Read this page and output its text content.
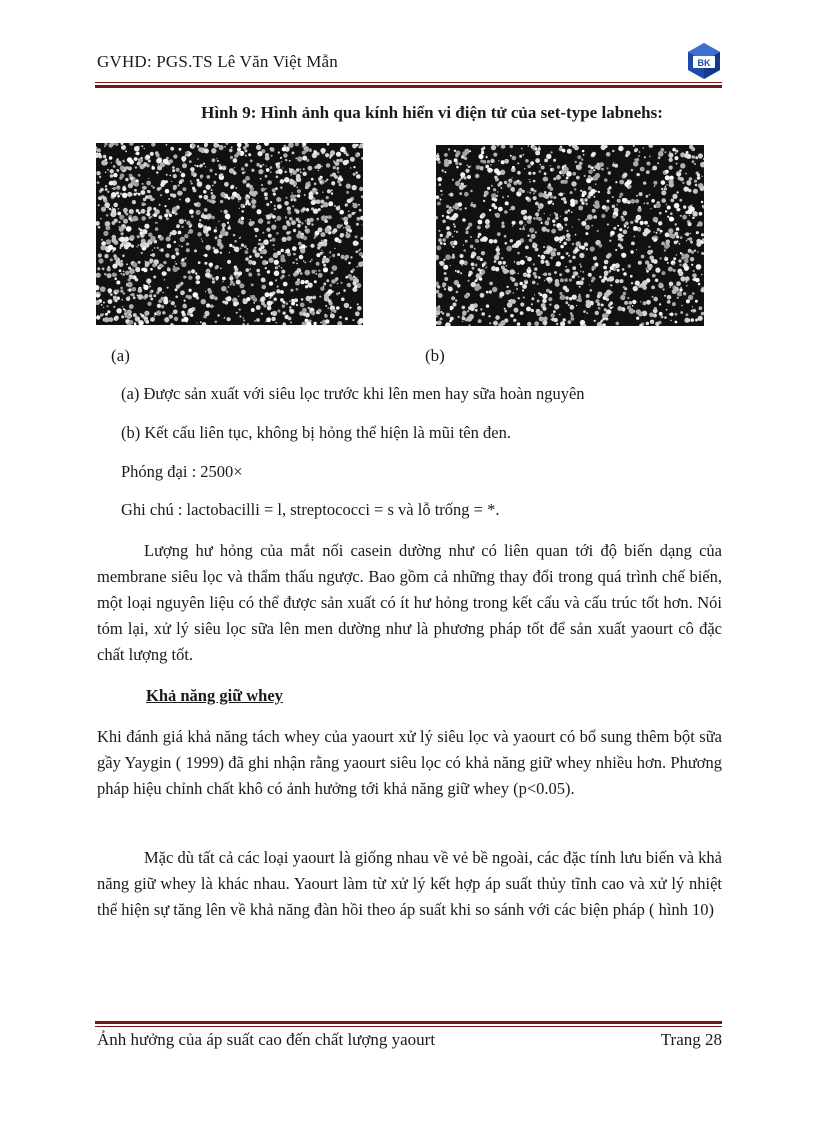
GVHD: PGS.TS Lê Văn Việt Mẫn	BK
Hình 9: Hình ảnh qua kính hiển vi điện tử của set-type labnehs:
(a)	(b)
(a) Được sản xuất với siêu lọc trước khi lên men hay sữa hoàn nguyên
(b) Kết cấu liên tục, không bị hỏng thể hiện là mũi tên đen.
Phóng đại : 2500×
Ghi chú : lactobacilli = l, streptococci = s và lỗ trống = *.
Lượng hư hỏng của mắt nối casein dường như có liên quan tới độ biến dạng của membrane siêu lọc và thẩm thấu ngược. Bao gồm cả những thay đổi trong quá trình chế biến, một loại nguyên liệu có thể được sản xuất có ít hư hỏng trong kết cấu và cấu trúc tốt hơn. Nói tóm lại, xử lý siêu lọc sữa lên men dường như là phương pháp tốt để sản xuất yaourt cô đặc chất lượng tốt.
Khả năng giữ whey
Khi đánh giá khả năng tách whey của yaourt xử lý siêu lọc và yaourt có bổ sung thêm bột sữa gầy Yaygin ( 1999) đã ghi nhận rằng yaourt siêu lọc có khả năng giữ whey nhiều hơn. Phương pháp hiệu chỉnh chất khô có ảnh hưởng tới khả năng giữ whey (p<0.05).
Mặc dù tất cả các loại yaourt là giống nhau về vẻ bề ngoài, các đặc tính lưu biến và khả năng giữ whey là khác nhau. Yaourt làm từ xử lý kết hợp áp suất thủy tĩnh cao và xử lý nhiệt thể hiện sự tăng lên về khả năng đàn hồi theo áp suất khi so sánh với các biện pháp ( hình 10)
Ảnh hưởng của áp suất cao đến chất lượng yaourt	Trang 28
